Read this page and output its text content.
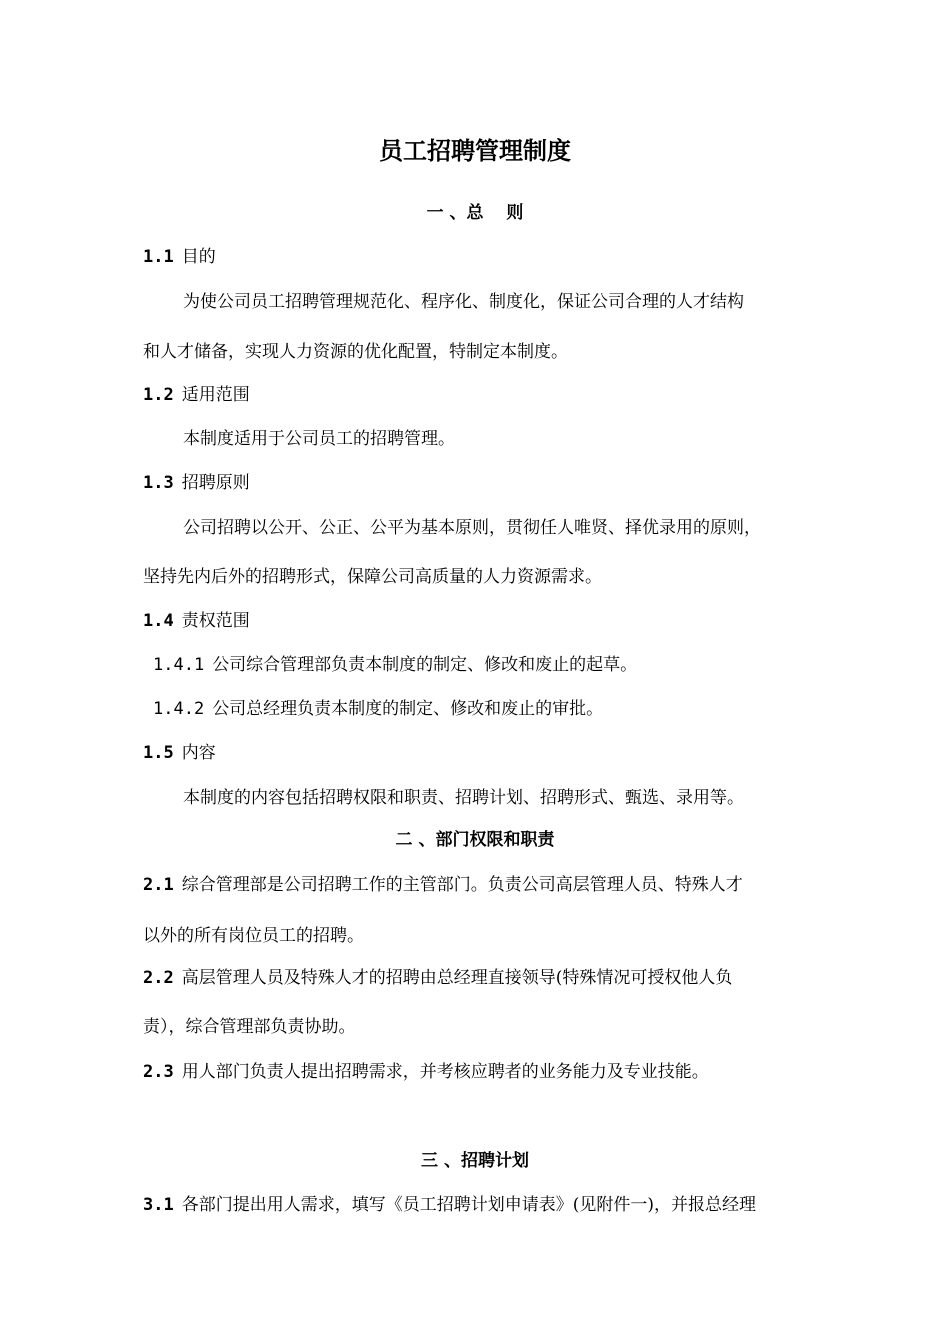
员工招聘管理制度
一 、总　 则
1.1 目的
为使公司员工招聘管理规范化、程序化、制度化，保证公司合理的人才结构
和人才储备，实现人力资源的优化配置，特制定本制度。
1.2 适用范围
本制度适用于公司员工的招聘管理。
1.3 招聘原则
公司招聘以公开、公正、公平为基本原则，贯彻任人唯贤、择优录用的原则，
坚持先内后外的招聘形式，保障公司高质量的人力资源需求。
1.4 责权范围
1.4.1 公司综合管理部负责本制度的制定、修改和废止的起草。
1.4.2 公司总经理负责本制度的制定、修改和废止的审批。
1.5 内容
本制度的内容包括招聘权限和职责、招聘计划、招聘形式、甄选、录用等。
二 、部门权限和职责
2.1 综合管理部是公司招聘工作的主管部门。负责公司高层管理人员、特殊人才
以外的所有岗位员工的招聘。
2.2 高层管理人员及特殊人才的招聘由总经理直接领导(特殊情况可授权他人负
责），综合管理部负责协助。
2.3 用人部门负责人提出招聘需求，并考核应聘者的业务能力及专业技能。
三 、招聘计划
3.1 各部门提出用人需求，填写《员工招聘计划申请表》(见附件一)，并报总经理
